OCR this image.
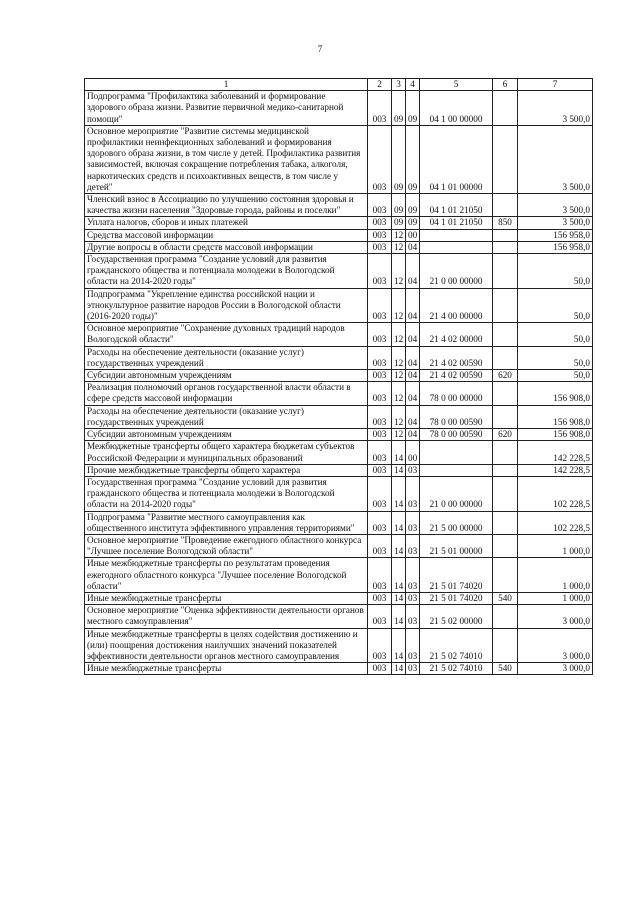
7
1	2	3	4	5	6	7
Подпрограмма "Профилактика заболеваний и формирование здорового образа жизни. Развитие первичной медико-санитарной помощи"	003	09	09	04 1 00 00000		3 500,0
Основное мероприятие "Развитие системы медицинской профилактики неинфекционных заболеваний и формирования здорового образа жизни, в том числе у детей. Профилактика развития зависимостей, включая сокращение потребления табака, алкоголя, наркотических средств и психоактивных веществ, в том числе у детей"	003	09	09	04 1 01 00000		3 500,0
Членский взнос в Ассоциацию по улучшению состояния здоровья и качества жизни населения "Здоровые города, районы и поселки"	003	09	09	04 1 01 21050		3 500,0
Уплата налогов, сборов и иных платежей	003	09	09	04 1 01 21050	850	3 500,0
Средства массовой информации	003	12	00			156 958,0
Другие вопросы в области средств массовой информации	003	12	04			156 958,0
Государственная программа "Создание условий для развития гражданского общества и потенциала молодежи в Вологодской области на 2014-2020 годы"	003	12	04	21 0 00 00000		50,0
Подпрограмма "Укрепление единства российской нации и этнокультурное развитие народов России в Вологодской области (2016-2020 годы)"	003	12	04	21 4 00 00000		50,0
Основное мероприятие "Сохранение духовных традиций народов Вологодской области"	003	12	04	21 4 02 00000		50,0
Расходы на обеспечение деятельности (оказание услуг) государственных учреждений	003	12	04	21 4 02 00590		50,0
Субсидии автономным учреждениям	003	12	04	21 4 02 00590	620	50,0
Реализация полномочий органов государственной власти области в сфере средств массовой информации	003	12	04	78 0 00 00000		156 908,0
Расходы на обеспечение деятельности (оказание услуг) государственных учреждений	003	12	04	78 0 00 00590		156 908,0
Субсидии автономным учреждениям	003	12	04	78 0 00 00590	620	156 908,0
Межбюджетные трансферты общего характера бюджетам субъектов Российской Федерации и муниципальных образований	003	14	00			142 228,5
Прочие межбюджетные трансферты общего характера	003	14	03			142 228,5
Государственная программа "Создание условий для развития гражданского общества и потенциала молодежи в Вологодской области на 2014-2020 годы"	003	14	03	21 0 00 00000		102 228,5
Подпрограмма "Развитие местного самоуправления как общественного института эффективного управления территориями"	003	14	03	21 5 00 00000		102 228,5
Основное мероприятие "Проведение ежегодного областного конкурса "Лучшее поселение Вологодской области"	003	14	03	21 5 01 00000		1 000,0
Иные межбюджетные трансферты по результатам проведения ежегодного областного конкурса "Лучшее поселение Вологодской области"	003	14	03	21 5 01 74020		1 000,0
Иные межбюджетные трансферты	003	14	03	21 5 01 74020	540	1 000,0
Основное мероприятие "Оценка эффективности деятельности органов местного самоуправления"	003	14	03	21 5 02 00000		3 000,0
Иные межбюджетные трансферты в целях содействия достижению и (или) поощрения достижения наилучших значений показателей эффективности деятельности органов местного самоуправления	003	14	03	21 5 02 74010		3 000,0
Иные межбюджетные трансферты	003	14	03	21 5 02 74010	540	3 000,0
